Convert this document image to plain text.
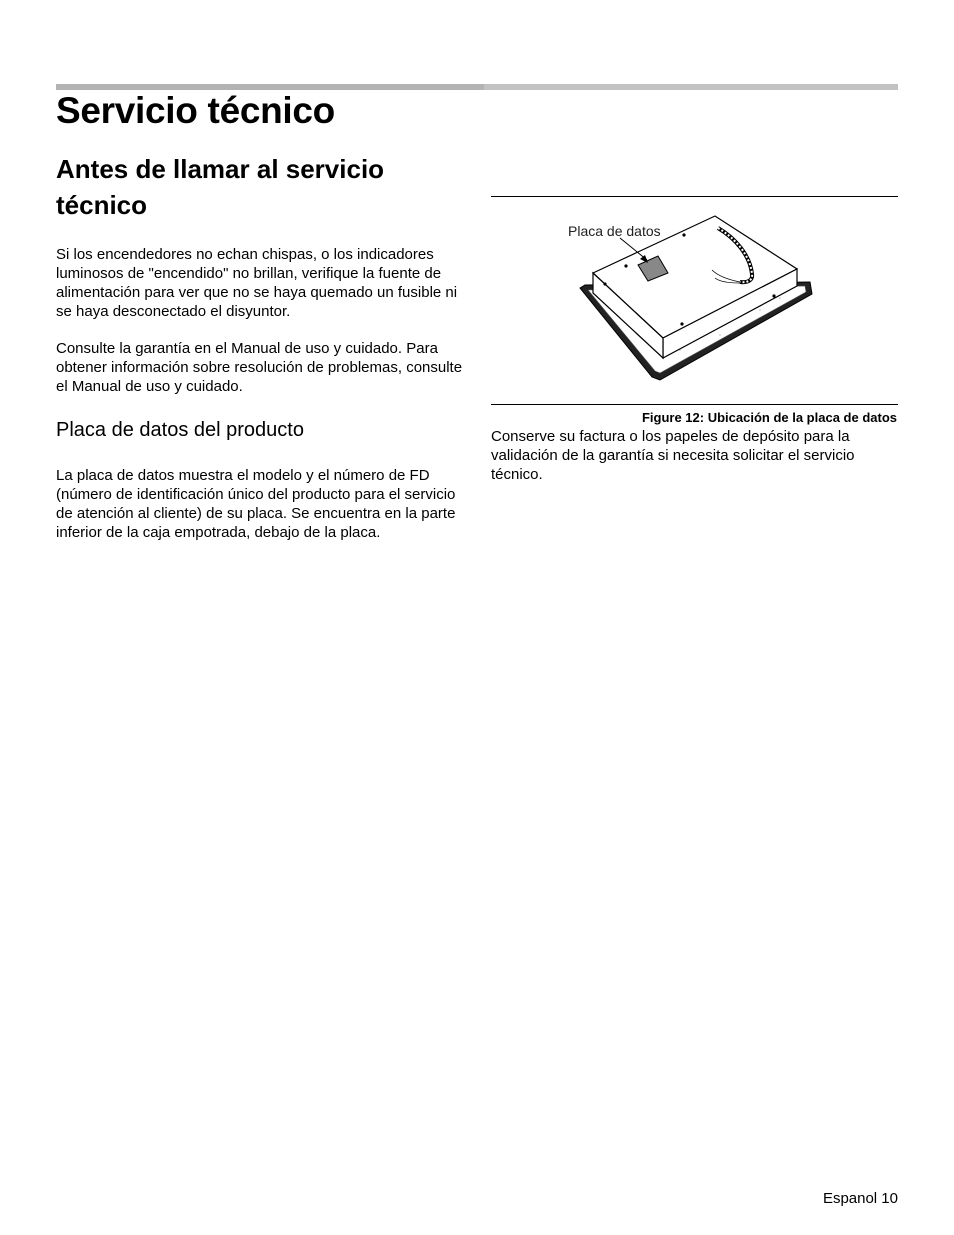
Servicio técnico
Antes de llamar al servicio técnico

Si los encendedores no echan chispas, o los indicadores luminosos de "encendido" no brillan, verifique la fuente de alimentación para ver que no se haya quemado un fusible ni se haya desconectado el disyuntor.

Consulte la garantía en el Manual de uso y cuidado. Para obtener información sobre resolución de problemas, consulte el Manual de uso y cuidado.

Placa de datos del producto

La placa de datos muestra el modelo y el número de FD (número de identificación único del producto para el servicio de atención al cliente) de su placa. Se encuentra en la parte inferior de la caja empotrada, debajo de la placa.

Placa de datos
Figure 12: Ubicación de la placa de datos

Conserve su factura o los papeles de depósito para la validación de la garantía si necesita solicitar el servicio técnico.

Espanol 10
